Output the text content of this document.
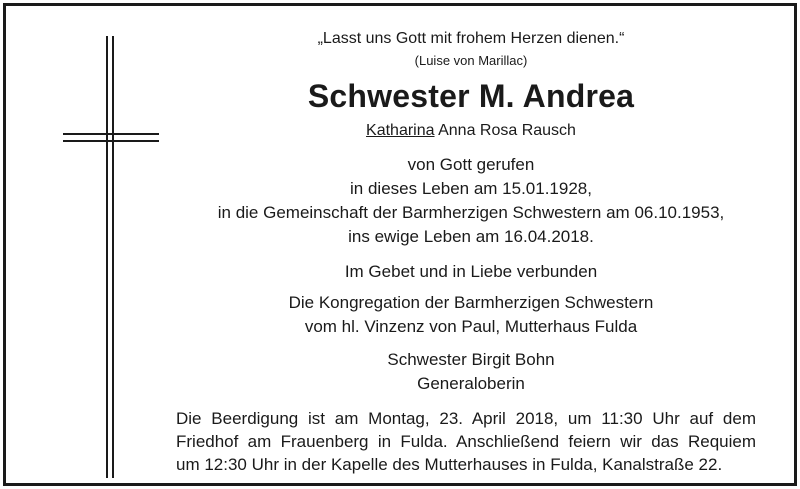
„Lasst uns Gott mit frohem Herzen dienen.“
(Luise von Marillac)
Schwester M. Andrea
Katharina Anna Rosa Rausch
von Gott gerufen
in dieses Leben am 15.01.1928,
in die Gemeinschaft der Barmherzigen Schwestern am 06.10.1953,
ins ewige Leben am 16.04.2018.
Im Gebet und in Liebe verbunden
Die Kongregation der Barmherzigen Schwestern
vom hl. Vinzenz von Paul, Mutterhaus Fulda
Schwester Birgit Bohn
Generaloberin
Die Beerdigung ist am Montag, 23. April 2018, um 11:30 Uhr auf dem
Friedhof am Frauenberg in Fulda. Anschließend feiern wir das Requiem
um 12:30 Uhr in der Kapelle des Mutterhauses in Fulda, Kanalstraße 22.
